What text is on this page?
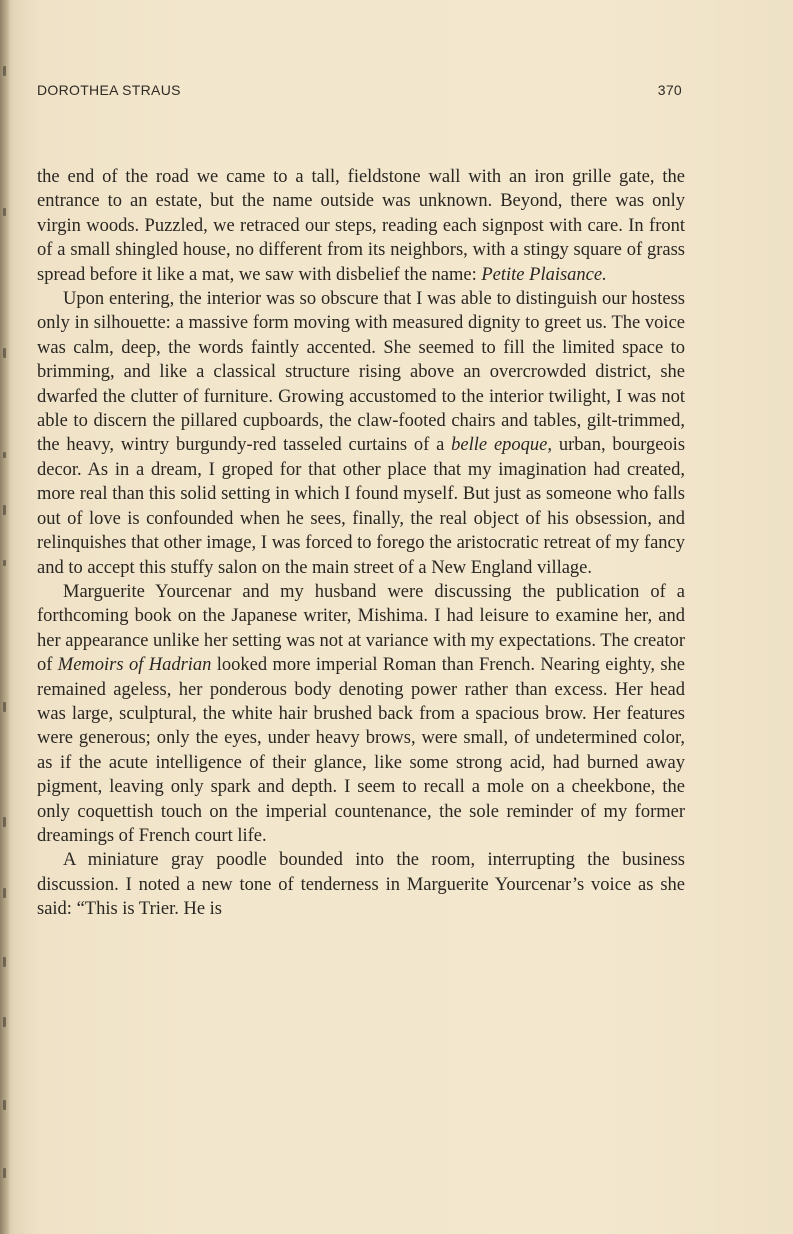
DOROTHEA STRAUS	370

the end of the road we came to a tall, fieldstone wall with an iron grille gate, the entrance to an estate, but the name outside was unknown. Beyond, there was only virgin woods. Puzzled, we retraced our steps, reading each signpost with care. In front of a small shingled house, no different from its neighbors, with a stingy square of grass spread before it like a mat, we saw with disbelief the name: Petite Plaisance.

Upon entering, the interior was so obscure that I was able to distinguish our hostess only in silhouette: a massive form moving with measured dignity to greet us. The voice was calm, deep, the words faintly accented. She seemed to fill the limited space to brimming, and like a classical structure rising above an overcrowded district, she dwarfed the clutter of furniture. Growing accustomed to the interior twilight, I was not able to discern the pillared cupboards, the claw-footed chairs and tables, gilt-trimmed, the heavy, wintry burgundy-red tasseled curtains of a belle epoque, urban, bourgeois decor. As in a dream, I groped for that other place that my imagination had created, more real than this solid setting in which I found myself. But just as someone who falls out of love is confounded when he sees, finally, the real object of his obsession, and relinquishes that other image, I was forced to forego the aristocratic retreat of my fancy and to accept this stuffy salon on the main street of a New England village.

Marguerite Yourcenar and my husband were discussing the publication of a forthcoming book on the Japanese writer, Mishima. I had leisure to examine her, and her appearance unlike her setting was not at variance with my expectations. The creator of Memoirs of Hadrian looked more imperial Roman than French. Nearing eighty, she remained ageless, her ponderous body denoting power rather than excess. Her head was large, sculptural, the white hair brushed back from a spacious brow. Her features were generous; only the eyes, under heavy brows, were small, of undetermined color, as if the acute intelligence of their glance, like some strong acid, had burned away pigment, leaving only spark and depth. I seem to recall a mole on a cheekbone, the only coquettish touch on the imperial countenance, the sole reminder of my former dreamings of French court life.

A miniature gray poodle bounded into the room, interrupting the business discussion. I noted a new tone of tenderness in Marguerite Yourcenar’s voice as she said: “This is Trier. He is
